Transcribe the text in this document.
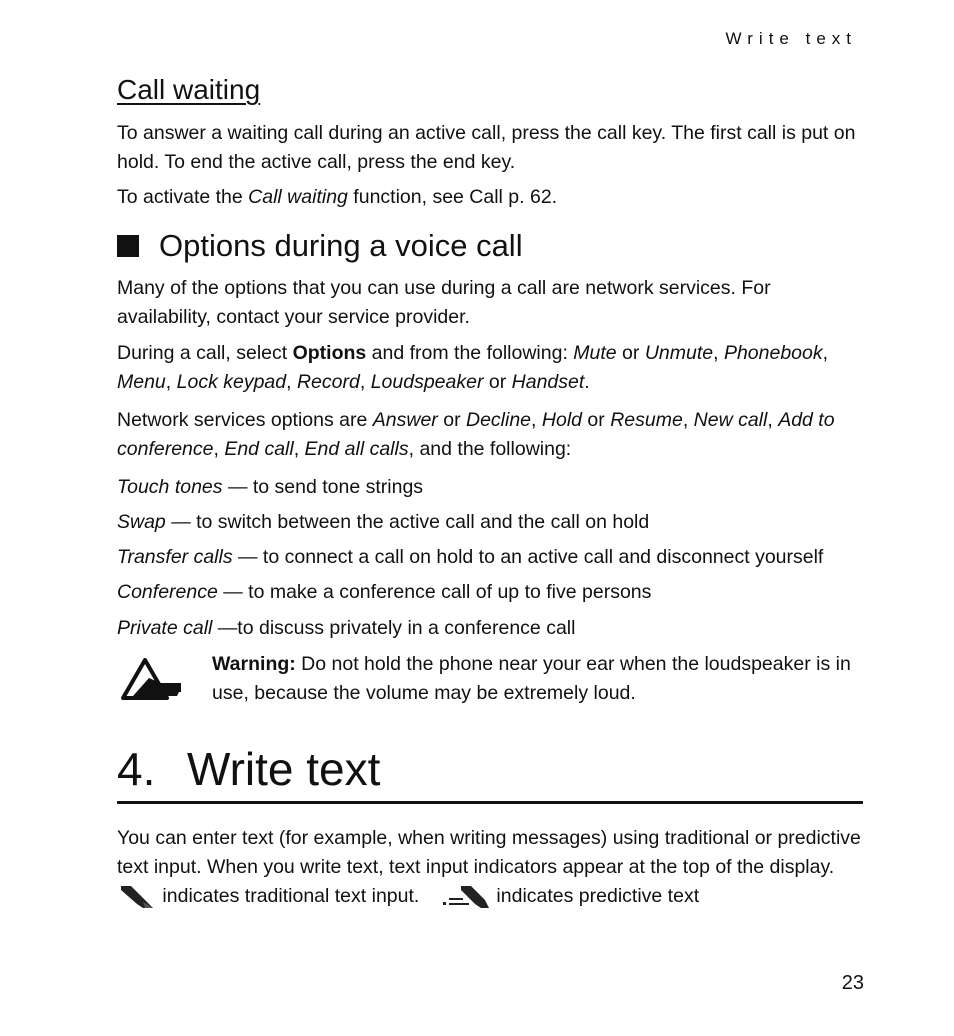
Write text
Call waiting
To answer a waiting call during an active call, press the call key. The first call is put on hold. To end the active call, press the end key.
To activate the Call waiting function, see Call p. 62.
Options during a voice call
Many of the options that you can use during a call are network services. For availability, contact your service provider.
During a call, select Options and from the following: Mute or Unmute, Phonebook, Menu, Lock keypad, Record, Loudspeaker or Handset.
Network services options are Answer or Decline, Hold or Resume, New call, Add to conference, End call, End all calls, and the following:
Touch tones — to send tone strings
Swap — to switch between the active call and the call on hold
Transfer calls — to connect a call on hold to an active call and disconnect yourself
Conference — to make a conference call of up to five persons
Private call —to discuss privately in a conference call
Warning: Do not hold the phone near your ear when the loudspeaker is in use, because the volume may be extremely loud.
4. Write text
You can enter text (for example, when writing messages) using traditional or predictive text input. When you write text, text input indicators appear at the top of the display.  indicates traditional text input.	indicates predictive text
23
